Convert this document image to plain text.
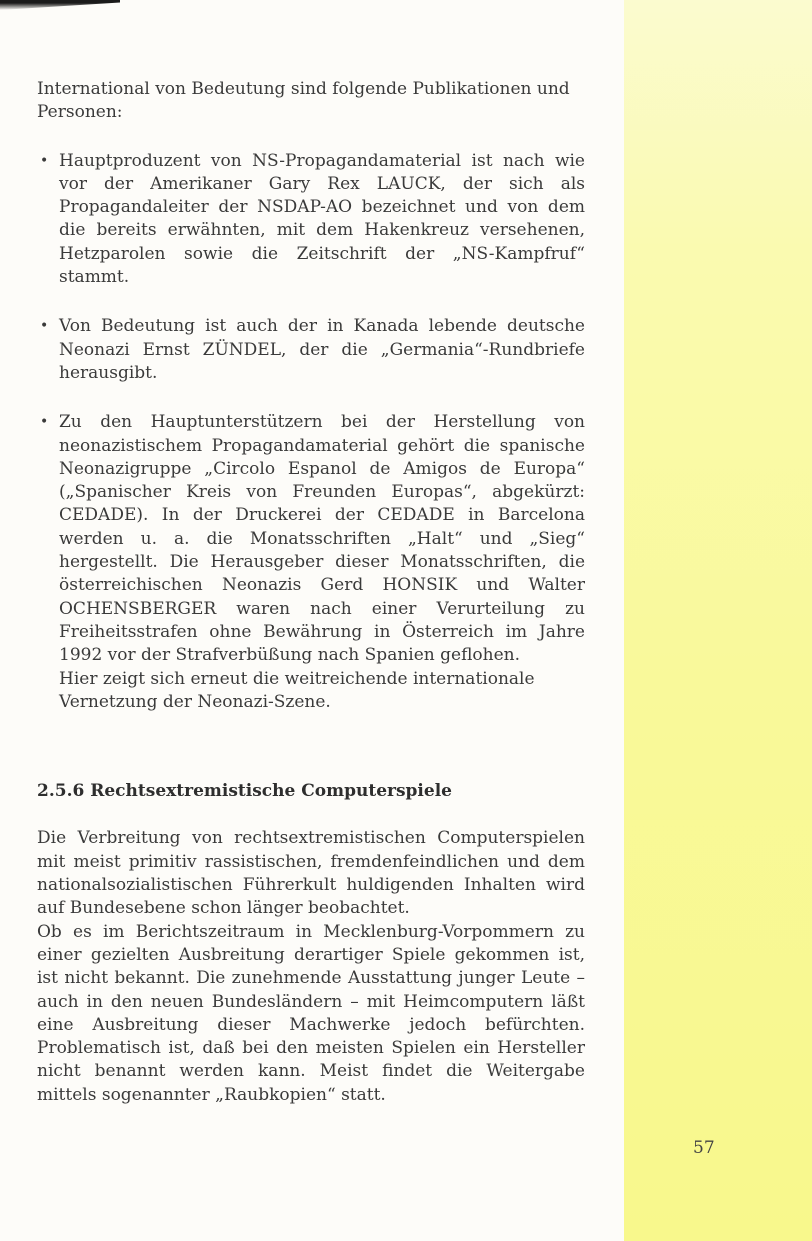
International von Bedeutung sind folgende Publikationen und Personen:

• Hauptproduzent von NS-Propagandamaterial ist nach wie vor der Amerikaner Gary Rex LAUCK, der sich als Propagandaleiter der NSDAP-AO bezeichnet und von dem die bereits erwähnten, mit dem Hakenkreuz versehenen, Hetzparolen sowie die Zeitschrift der „NS-Kampfruf“ stammt.

• Von Bedeutung ist auch der in Kanada lebende deutsche Neonazi Ernst ZÜNDEL, der die „Germania“-Rundbriefe herausgibt.

• Zu den Hauptunterstützern bei der Herstellung von neonazistischem Propagandamaterial gehört die spanische Neonazigruppe „Circolo Espanol de Amigos de Europa“ („Spanischer Kreis von Freunden Europas“, abgekürzt: CEDADE). In der Druckerei der CEDADE in Barcelona werden u. a. die Monatsschriften „Halt“ und „Sieg“ hergestellt. Die Herausgeber dieser Monatsschriften, die österreichischen Neonazis Gerd HONSIK und Walter OCHENSBERGER waren nach einer Verurteilung zu Freiheitsstrafen ohne Bewährung in Österreich im Jahre 1992 vor der Strafverbüßung nach Spanien geflohen.

Hier zeigt sich erneut die weitreichende internationale Vernetzung der Neonazi-Szene.

2.5.6 Rechtsextremistische Computerspiele

Die Verbreitung von rechtsextremistischen Computerspielen mit meist primitiv rassistischen, fremdenfeindlichen und dem nationalsozialistischen Führerkult huldigenden Inhalten wird auf Bundesebene schon länger beobachtet.

Ob es im Berichtszeitraum in Mecklenburg-Vorpommern zu einer gezielten Ausbreitung derartiger Spiele gekommen ist, ist nicht bekannt. Die zunehmende Ausstattung junger Leute – auch in den neuen Bundesländern – mit Heimcomputern läßt eine Ausbreitung dieser Machwerke jedoch befürchten. Problematisch ist, daß bei den meisten Spielen ein Hersteller nicht benannt werden kann. Meist findet die Weitergabe mittels sogenannter „Raubkopien“ statt.

57
